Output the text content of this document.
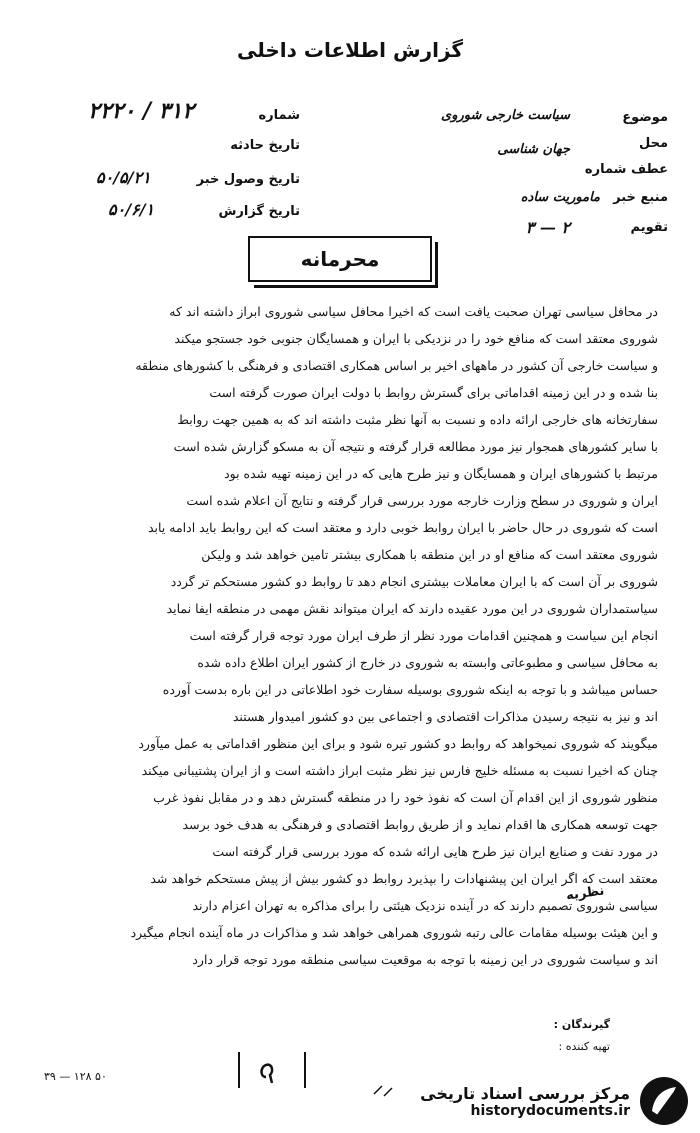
گزارش اطلاعات داخلی
موضوع
سیاست خارجی شوروی
محل
جهان شناسی
عطف شماره
منبع خبر
ماموریت ساده
تقویم
۲ — ۳
شماره
۲۲۲۰ / ۳۱۲
تاریخ حادثه
تاریخ وصول خبر
۵۰/۵/۲۱
تاریخ گزارش
۵۰/۶/۱
محرمانه

در محافل سیاسی تهران صحبت یافت است که اخیرا محافل سیاسی شوروی ابراز داشته اند که

شوروی معتقد است که منافع خود را در نزدیکی با ایران و همسایگان جنوبی خود جستجو میکند

و سیاست خارجی آن کشور در ماههای اخیر بر اساس همکاری اقتصادی و فرهنگی با کشورهای منطقه

بنا شده و در این زمینه اقداماتی برای گسترش روابط با دولت ایران صورت گرفته است

سفارتخانه های خارجی ارائه داده و نسبت به آنها نظر مثبت داشته اند که به همین جهت روابط

با سایر کشورهای همجوار نیز مورد مطالعه قرار گرفته و نتیجه آن به مسکو گزارش شده است

مرتبط با کشورهای ایران و همسایگان و نیز طرح هایی که در این زمینه تهیه شده بود

ایران و شوروی در سطح وزارت خارجه مورد بررسی قرار گرفته و نتایج آن اعلام شده است

است که شوروی در حال حاضر با ایران روابط خوبی دارد و معتقد است که این روابط باید ادامه یابد

شوروی معتقد است که منافع او در این منطقه با همکاری بیشتر تامین خواهد شد و ولیکن

شوروی بر آن است که با ایران معاملات بیشتری انجام دهد تا روابط دو کشور مستحکم تر گردد

سیاستمداران شوروی در این مورد عقیده دارند که ایران میتواند نقش مهمی در منطقه ایفا نماید

انجام این سیاست و همچنین اقدامات مورد نظر از طرف ایران مورد توجه قرار گرفته است

به محافل سیاسی و مطبوعاتی وابسته به شوروی در خارج از کشور ایران اطلاع داده شده

حساس میباشد و با توجه به اینکه شوروی بوسیله سفارت خود اطلاعاتی در این باره بدست آورده

اند و نیز به نتیجه رسیدن مذاکرات اقتصادی و اجتماعی بین دو کشور امیدوار هستند

میگویند که شوروی نمیخواهد که روابط دو کشور تیره شود و برای این منظور اقداماتی به عمل میآورد

چنان که اخیرا نسبت به مسئله خلیج فارس نیز نظر مثبت ابراز داشته است و از ایران پشتیبانی میکند

منظور شوروی از این اقدام آن است که نفوذ خود را در منطقه گسترش دهد و در مقابل نفوذ غرب

جهت توسعه همکاری ها اقدام نماید و از طریق روابط اقتصادی و فرهنگی به هدف خود برسد

در مورد نفت و صنایع ایران نیز طرح هایی ارائه شده که مورد بررسی قرار گرفته است

معتقد است که اگر ایران این پیشنهادات را بپذیرد روابط دو کشور بیش از پیش مستحکم خواهد شد

سیاسی شوروی تصمیم دارند که در آینده نزدیک هیئتی را برای مذاکره به تهران اعزام دارند

و این هیئت بوسیله مقامات عالی رتبه شوروی همراهی خواهد شد و مذاکرات در ماه آینده انجام میگیرد

اند و سیاست شوروی در این زمینه با توجه به موقعیت سیاسی منطقه مورد توجه قرار دارد

نظریه
گیرندگان :
تهیه کننده :
۳۹ — ۱۲۸ ۵۰
مرکز بررسی اسناد تاریخی
historydocuments.ir
